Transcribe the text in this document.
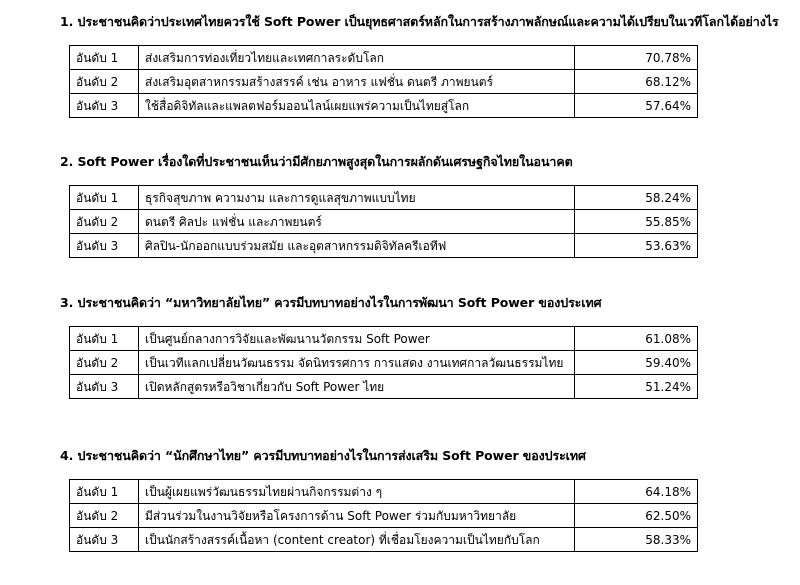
1. ประชาชนคิดว่าประเทศไทยควรใช้ Soft Power เป็นยุทธศาสตร์หลักในการสร้างภาพลักษณ์และความได้เปรียบในเวทีโลกได้อย่างไร
อันดับ 1	ส่งเสริมการท่องเที่ยวไทยและเทศกาลระดับโลก	70.78%
อันดับ 2	ส่งเสริมอุตสาหกรรมสร้างสรรค์ เช่น อาหาร แฟชั่น ดนตรี ภาพยนตร์	68.12%
อันดับ 3	ใช้สื่อดิจิทัลและแพลตฟอร์มออนไลน์เผยแพร่ความเป็นไทยสู่โลก	57.64%
2. Soft Power เรื่องใดที่ประชาชนเห็นว่ามีศักยภาพสูงสุดในการผลักดันเศรษฐกิจไทยในอนาคต
อันดับ 1	ธุรกิจสุขภาพ ความงาม และการดูแลสุขภาพแบบไทย	58.24%
อันดับ 2	ดนตรี ศิลปะ แฟชั่น และภาพยนตร์	55.85%
อันดับ 3	ศิลปิน-นักออกแบบร่วมสมัย และอุตสาหกรรมดิจิทัลครีเอทีฟ	53.63%
3. ประชาชนคิดว่า “มหาวิทยาลัยไทย” ควรมีบทบาทอย่างไรในการพัฒนา Soft Power ของประเทศ
อันดับ 1	เป็นศูนย์กลางการวิจัยและพัฒนานวัตกรรม Soft Power	61.08%
อันดับ 2	เป็นเวทีแลกเปลี่ยนวัฒนธรรม จัดนิทรรศการ การแสดง งานเทศกาลวัฒนธรรมไทย	59.40%
อันดับ 3	เปิดหลักสูตรหรือวิชาเกี่ยวกับ Soft Power ไทย	51.24%
4. ประชาชนคิดว่า “นักศึกษาไทย” ควรมีบทบาทอย่างไรในการส่งเสริม Soft Power ของประเทศ
อันดับ 1	เป็นผู้เผยแพร่วัฒนธรรมไทยผ่านกิจกรรมต่าง ๆ	64.18%
อันดับ 2	มีส่วนร่วมในงานวิจัยหรือโครงการด้าน Soft Power ร่วมกับมหาวิทยาลัย	62.50%
อันดับ 3	เป็นนักสร้างสรรค์เนื้อหา (content creator) ที่เชื่อมโยงความเป็นไทยกับโลก	58.33%
